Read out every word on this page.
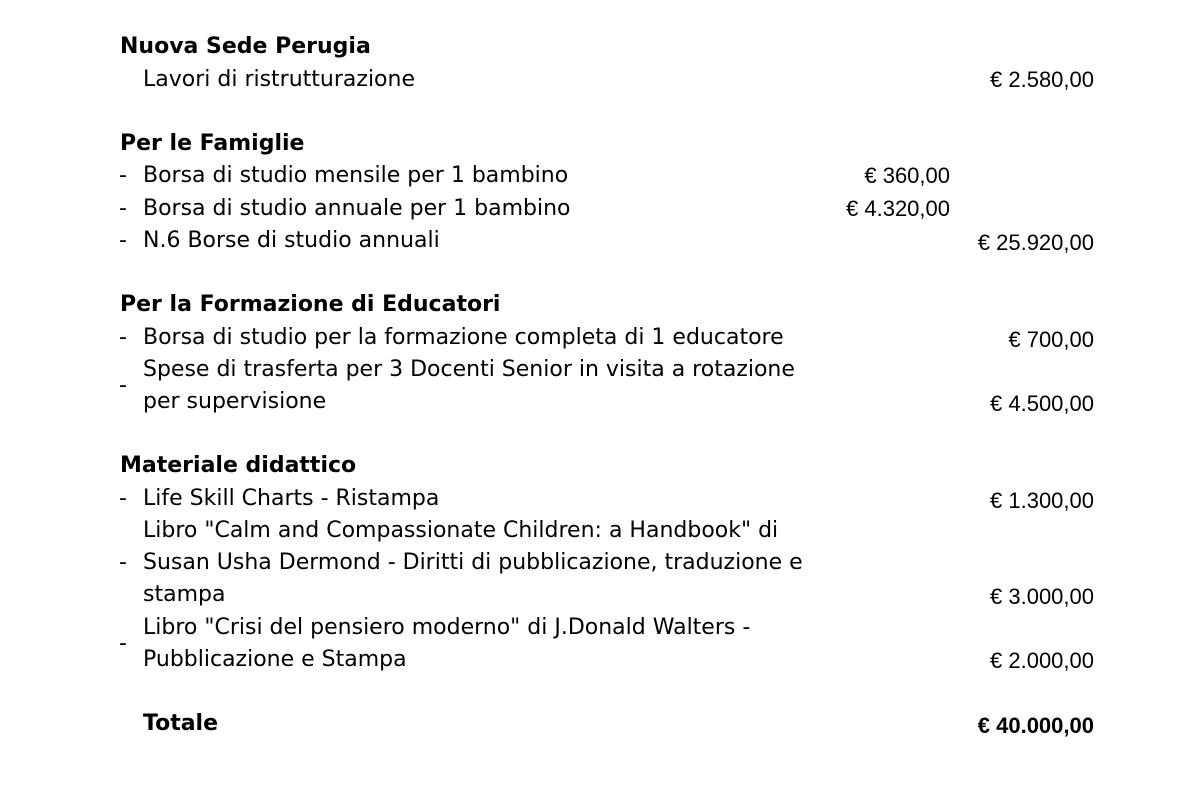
Nuova Sede Perugia
Lavori di ristrutturazione	€ 2.580,00
Per le Famiglie
- Borsa di studio mensile per 1 bambino	€ 360,00
- Borsa di studio annuale per 1 bambino	€ 4.320,00
- N.6 Borse di studio annuali	€ 25.920,00
Per la Formazione di Educatori
- Borsa di studio per la formazione completa di 1 educatore	€ 700,00
-
Spese di trasferta per 3 Docenti Senior in visita a rotazione
per supervisione	€ 4.500,00
Materiale didattico
- Life Skill Charts - Ristampa	€ 1.300,00
-
Libro "Calm and Compassionate Children: a Handbook" di
Susan Usha Dermond - Diritti di pubblicazione, traduzione e
stampa	€ 3.000,00
-
Libro "Crisi del pensiero moderno" di J.Donald Walters -
Pubblicazione e Stampa	€ 2.000,00
Totale	€ 40.000,00
